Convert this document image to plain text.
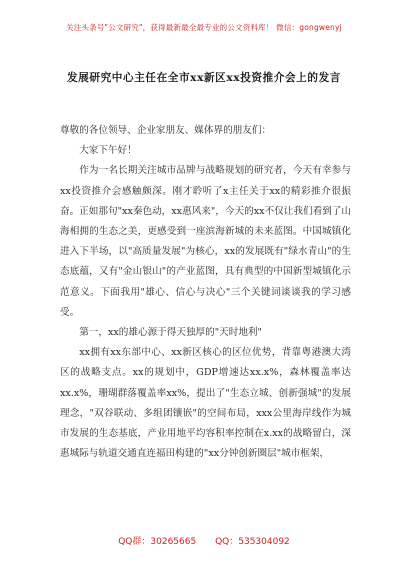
关注头条号"公文研究"，获得最新最全最专业的公文资料库！ 微信：gongwenyj
发展研究中心主任在全市xx新区xx投资推介会上的发言

尊敬的各位领导、企业家朋友、媒体界的朋友们：

大家下午好！

作为一名长期关注城市品牌与战略规划的研究者，今天有幸参与xx投资推介会感触颇深。刚才聆听了x主任关于xx的精彩推介很振奋。正如那句"xx秦色动，xx惠风来"，今天的xx不仅让我们看到了山海相拥的生态之美，更感受到一座滨海新城的未来蓝图。中国城镇化进入下半场，以"高质量发展"为核心，xx的发展既有"绿水青山"的生态底蕴，又有"金山银山"的产业蓝图，具有典型的中国新型城镇化示范意义。下面我用"雄心、信心与决心"三个关键词谈谈我的学习感受。

第一，xx的雄心源于得天独厚的"天时地利"

xx拥有xx东部中心、xx新区核心的区位优势，背靠粤港澳大湾区的战略支点。xx的规划中，GDP增速达xx.x%，森林覆盖率达xx.x%，珊瑚群落覆盖率xx%，提出了"生态立城、创新强城"的发展理念，"双谷联动、多组团镶嵌"的空间布局，xxx公里海岸线作为城市发展的生态基底，产业用地平均容积率控制在x.xx的战略留白，深惠城际与轨道交通直连福田构建的"xx分钟创新圈层"城市框架，

QQ群：30265665 QQ：535304092
